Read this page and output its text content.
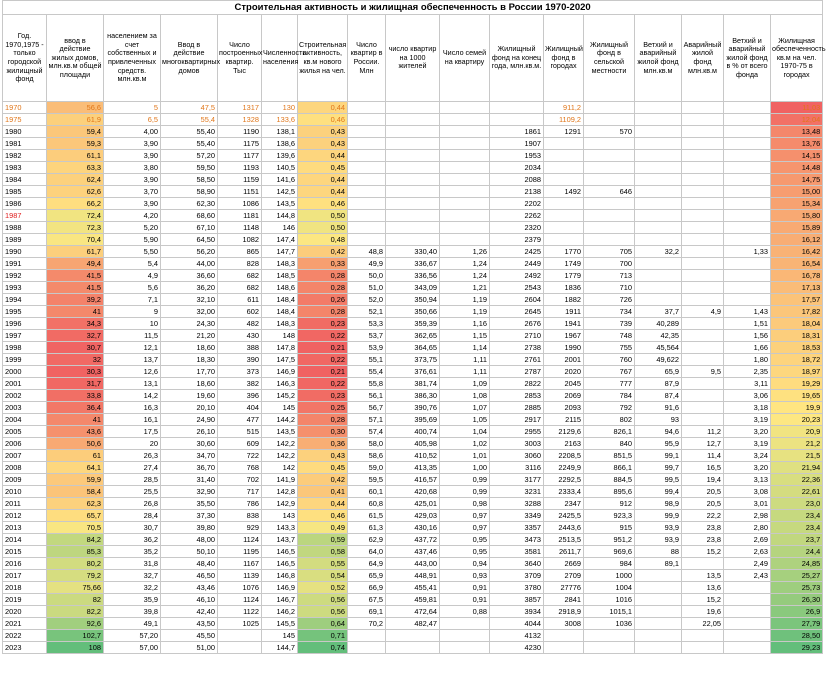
Строительная активность и жилищная обеспеченность в России 1970-2020																
Год. 1970,1975 - только городской жилищный фонд	ввод в действие жилых домов, млн.кв.м общей площади	населением за счет собственных и привлеченных средств. млн.кв.м	Ввод в действие многоквартирных домов	Число построенных квартир. Тыс	Численность населения	Строительная активность, кв.м нового жилья на чел.	Число квартир в России. Млн	число квартир на 1000 жителей	Число семей на квартиру	Жилищный фонд на конец года, млн.кв.м.	Жилищный фонд в городах	Жилищный фонд в сельской местности	Ветхий и аварийный жилой фонд млн.кв.м	Аварийный жилой фонд млн.кв.м	Ветхий и аварийный жилой фонд в % от всего фонда	Жилищная обеспеченность кв.м на чел. 1970-75 в городах
1970	56,6	5	47,5	1317	130	0,44					911,2					11,03
1975	61,9	6,5	55,4	1328	133,6	0,46					1109,2					12,04
1980	59,4	4,00	55,40	1190	138,1	0,43				1861	1291	570				13,48
1981	59,3	3,90	55,40	1175	138,6	0,43				1907						13,76
1982	61,1	3,90	57,20	1177	139,6	0,44				1953						14,15
1983	63,3	3,80	59,50	1193	140,5	0,45				2034						14,48
1984	62,4	3,90	58,50	1159	141,6	0,44				2088						14,75
1985	62,6	3,70	58,90	1151	142,5	0,44				2138	1492	646				15,00
1986	66,2	3,90	62,30	1086	143,5	0,46				2202						15,34
1987	72,4	4,20	68,60	1181	144,8	0,50				2262						15,80
1988	72,3	5,20	67,10	1148	146	0,50				2320						15,89
1989	70,4	5,90	64,50	1082	147,4	0,48				2379						16,12
1990	61,7	5,50	56,20	865	147,7	0,42	48,8	330,40	1,26	2425	1770	705	32,2		1,33	16,42
1991	49,4	5,4	44,00	828	148,3	0,33	49,9	336,67	1,24	2449	1749	700				16,54
1992	41,5	4,9	36,60	682	148,5	0,28	50,0	336,56	1,24	2492	1779	713				16,78
1993	41,5	5,6	36,20	682	148,6	0,28	51,0	343,09	1,21	2543	1836	710				17,13
1994	39,2	7,1	32,10	611	148,4	0,26	52,0	350,94	1,19	2604	1882	726				17,57
1995	41	9	32,00	602	148,4	0,28	52,1	350,66	1,19	2645	1911	734	37,7	4,9	1,43	17,82
1996	34,3	10	24,30	482	148,3	0,23	53,3	359,39	1,16	2676	1941	739	40,289		1,51	18,04
1997	32,7	11,5	21,20	430	148	0,22	53,7	362,65	1,15	2710	1967	748	42,35		1,56	18,31
1998	30,7	12,1	18,60	388	147,8	0,21	53,9	364,65	1,14	2738	1990	755	45,564		1,66	18,53
1999	32	13,7	18,30	390	147,5	0,22	55,1	373,75	1,11	2761	2001	760	49,622		1,80	18,72
2000	30,3	12,6	17,70	373	146,9	0,21	55,4	376,61	1,11	2787	2020	767	65,9	9,5	2,35	18,97
2001	31,7	13,1	18,60	382	146,3	0,22	55,8	381,74	1,09	2822	2045	777	87,9		3,11	19,29
2002	33,8	14,2	19,60	396	145,2	0,23	56,1	386,30	1,08	2853	2069	784	87,4		3,06	19,65
2003	36,4	16,3	20,10	404	145	0,25	56,7	390,76	1,07	2885	2093	792	91,6		3,18	19,9
2004	41	16,1	24,90	477	144,2	0,28	57,1	395,69	1,05	2917	2115	802	93		3,19	20,23
2005	43,6	17,5	26,10	515	143,5	0,30	57,4	400,74	1,04	2955	2129,6	826,1	94,6	11,2	3,20	20,9
2006	50,6	20	30,60	609	142,2	0,36	58,0	405,98	1,02	3003	2163	840	95,9	12,7	3,19	21,2
2007	61	26,3	34,70	722	142,2	0,43	58,6	410,52	1,01	3060	2208,5	851,5	99,1	11,4	3,24	21,5
2008	64,1	27,4	36,70	768	142	0,45	59,0	413,35	1,00	3116	2249,9	866,1	99,7	16,5	3,20	21,94
2009	59,9	28,5	31,40	702	141,9	0,42	59,5	416,57	0,99	3177	2292,5	884,5	99,5	19,4	3,13	22,36
2010	58,4	25,5	32,90	717	142,8	0,41	60,1	420,68	0,99	3231	2333,4	895,6	99,4	20,5	3,08	22,61
2011	62,3	26,8	35,50	786	142,9	0,44	60,8	425,01	0,98	3288	2347	912	98,9	20,5	3,01	23,0
2012	65,7	28,4	37,30	838	143	0,46	61,5	429,03	0,97	3349	2425,5	923,3	99,9	22,2	2,98	23,4
2013	70,5	30,7	39,80	929	143,3	0,49	61,3	430,16	0,97	3357	2443,6	915	93,9	23,8	2,80	23,4
2014	84,2	36,2	48,00	1124	143,7	0,59	62,9	437,72	0,95	3473	2513,5	951,2	93,9	23,8	2,69	23,7
2015	85,3	35,2	50,10	1195	146,5	0,58	64,0	437,46	0,95	3581	2611,7	969,6	88	15,2	2,63	24,4
2016	80,2	31,8	48,40	1167	146,5	0,55	64,9	443,00	0,94	3640	2669	984	89,1		2,49	24,85
2017	79,2	32,7	46,50	1139	146,8	0,54	65,9	448,91	0,93	3709	2709	1000		13,5	2,43	25,27
2018	75,66	32,2	43,46	1076	146,9	0,52	66,9	455,41	0,91	3780	27776	1004		13,6		25,73
2019	82	35,9	46,10	1124	146,7	0,56	67,5	459,81	0,91	3857	2841	1016		15,2		26,30
2020	82,2	39,8	42,40	1122	146,2	0,56	69,1	472,64	0,88	3934	2918,9	1015,1		19,6		26,9
2021	92,6	49,1	43,50	1025	145,5	0,64	70,2	482,47		4044	3008	1036		22,05		27,79
2022	102,7	57,20	45,50		145	0,71				4132						28,50
2023	108	57,00	51,00		144,7	0,74				4230						29,23
